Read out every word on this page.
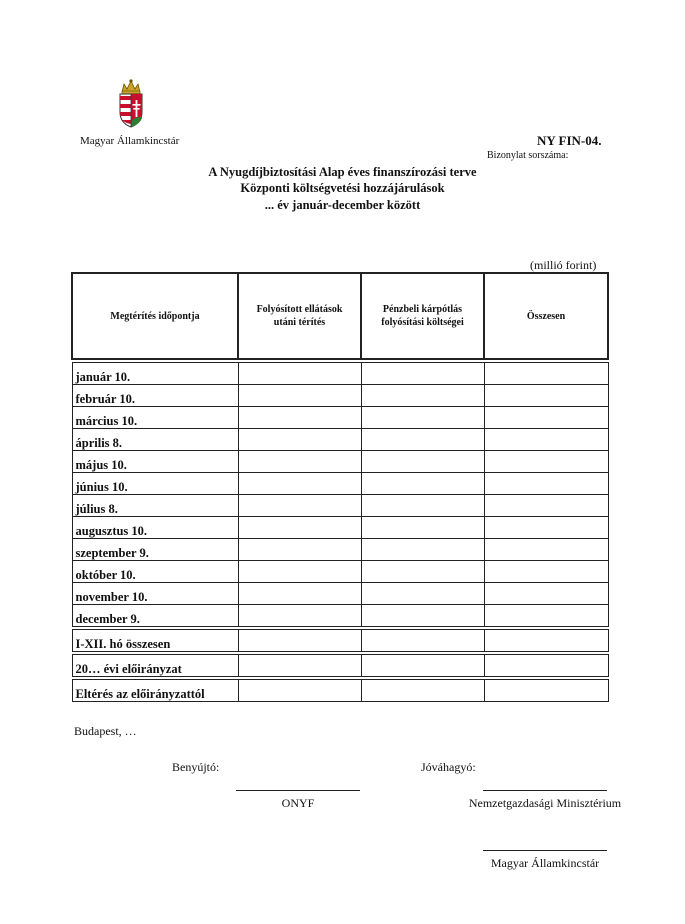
Magyar Államkincstár	NY FIN-04.
Bizonylat sorszáma:
A Nyugdíjbiztosítási Alap éves finanszírozási terve
Központi költségvetési hozzájárulások
... év január-december között
(millió forint)
Megtérítés időpontja	Folyósított ellátások utáni térítés	Pénzbeli kárpótlás folyósítási költségei	Összesen

január 10.			
február 10.			
március 10.			
április 8.			
május 10.			
június 10.			
július 8.			
augusztus 10.			
szeptember 9.			
október 10.			
november 10.			
december 9.			

I-XII. hó összesen			

20… évi előirányzat			

Eltérés az előirányzattól			
Budapest, …
Benyújtó:	Jóváhagyó:
ONYF	Nemzetgazdasági Minisztérium
Magyar Államkincstár
